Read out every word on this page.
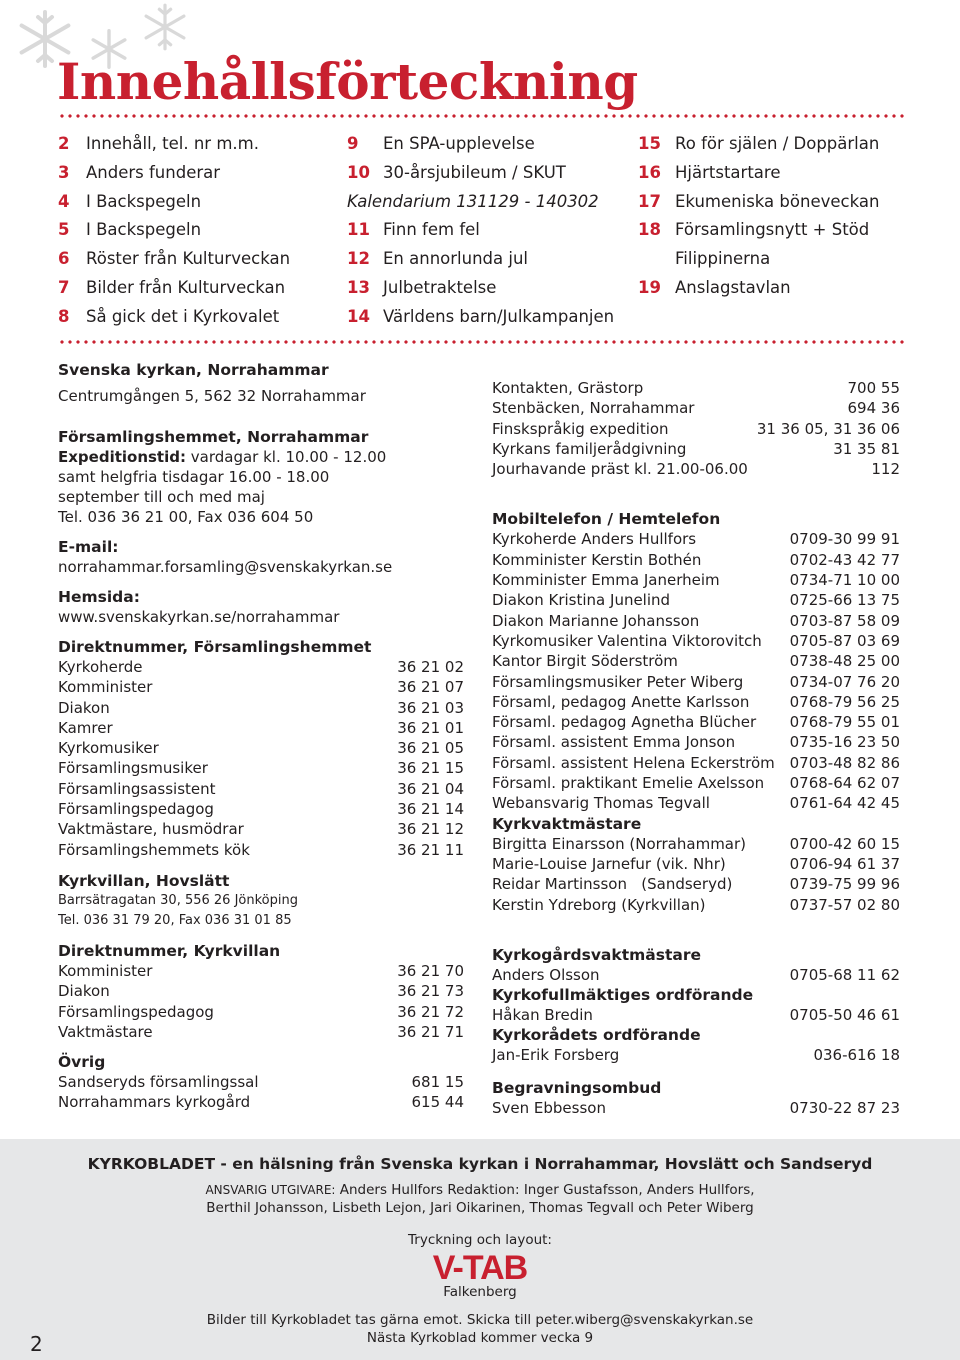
Innehållsförteckning
2	Innehåll, tel. nr m.m.
3	Anders funderar
4	I Backspegeln
5	I Backspegeln
6	Röster från Kulturveckan
7	Bilder från Kulturveckan
8	Så gick det i Kyrkovalet
9	En SPA-upplevelse
10 30-årsjubileum / SKUT
Kalendarium 131129 - 140302
11 Finn fem fel
12 En annorlunda jul
13 Julbetraktelse
14 Världens barn/Julkampanjen
15 Ro för själen / Doppärlan
16 Hjärtstartare
17 Ekumeniska böneveckan
18 Församlingsnytt + Stöd
Filippinerna
19 Anslagstavlan
Svenska kyrkan, Norrahammar
Centrumgången 5, 562 32 Norrahammar
Församlingshemmet, Norrahammar
Expeditionstid: vardagar kl. 10.00 - 12.00
samt helgfria tisdagar 16.00 - 18.00
september till och med maj
Tel. 036 36 21 00, Fax 036 604 50
E-mail:
norrahammar.forsamling@svenskakyrkan.se
Hemsida:
www.svenskakyrkan.se/norrahammar
Direktnummer, Församlingshemmet
Kyrkoherde	36 21 02
Komminister	36 21 07
Diakon	36 21 03
Kamrer	36 21 01
Kyrkomusiker	36 21 05
Församlingsmusiker	36 21 15
Församlingsassistent	36 21 04
Församlingspedagog	36 21 14
Vaktmästare, husmödrar	36 21 12
Församlingshemmets kök	36 21 11
Kyrkvillan, Hovslätt
Barrsätragatan 30, 556 26 Jönköping
Tel. 036 31 79 20, Fax 036 31 01 85
Direktnummer, Kyrkvillan
Komminister	36 21 70
Diakon	36 21 73
Församlingspedagog	36 21 72
Vaktmästare	36 21 71
Övrig
Sandseryds församlingssal	681 15
Norrahammars kyrkogård	615 44
Kontakten, Grästorp	700 55
Stenbäcken, Norrahammar	694 36
Finskspråkig expedition	31 36 05, 31 36 06
Kyrkans familjerådgivning	31 35 81
Jourhavande präst kl. 21.00-06.00	112
Mobiltelefon / Hemtelefon
Kyrkoherde Anders Hullfors	0709-30 99 91
Komminister Kerstin Bothén	0702-43 42 77
Komminister Emma Janerheim	0734-71 10 00
Diakon Kristina Junelind	0725-66 13 75
Diakon Marianne Johansson	0703-87 58 09
Kyrkomusiker Valentina Viktorovitch	0705-87 03 69
Kantor Birgit Söderström	0738-48 25 00
Församlingsmusiker Peter Wiberg	0734-07 76 20
Församl, pedagog Anette Karlsson	0768-79 56 25
Församl. pedagog Agnetha Blücher	0768-79 55 01
Församl. assistent Emma Jonson	0735-16 23 50
Församl. assistent Helena Eckerström 0703-48 82 86
Församl. praktikant Emelie Axelsson	0768-64 62 07
Webansvarig Thomas Tegvall	0761-64 42 45
Kyrkvaktmästare
Birgitta Einarsson (Norrahammar)	0700-42 60 15
Marie-Louise Jarnefur (vik. Nhr)	0706-94 61 37
Reidar Martinsson   (Sandseryd)	0739-75 99 96
Kerstin Ydreborg (Kyrkvillan)	0737-57 02 80
Kyrkogårdsvaktmästare
Anders Olsson	0705-68 11 62
Kyrkofullmäktiges ordförande
Håkan Bredin	0705-50 46 61
Kyrkorådets ordförande
Jan-Erik Forsberg	036-616 18
Begravningsombud
Sven Ebbesson	0730-22 87 23
KYRKOBLADET - en hälsning från Svenska kyrkan i Norrahammar, Hovslätt och Sandseryd
ANSVARIG UTGIVARE: Anders Hullfors Redaktion: Inger Gustafsson, Anders Hullfors,
Berthil Johansson, Lisbeth Lejon, Jari Oikarinen, Thomas Tegvall och Peter Wiberg
Tryckning och layout:
V-TAB
Falkenberg
Bilder till Kyrkobladet tas gärna emot. Skicka till peter.wiberg@svenskakyrkan.se
Nästa Kyrkoblad kommer vecka 9
2
